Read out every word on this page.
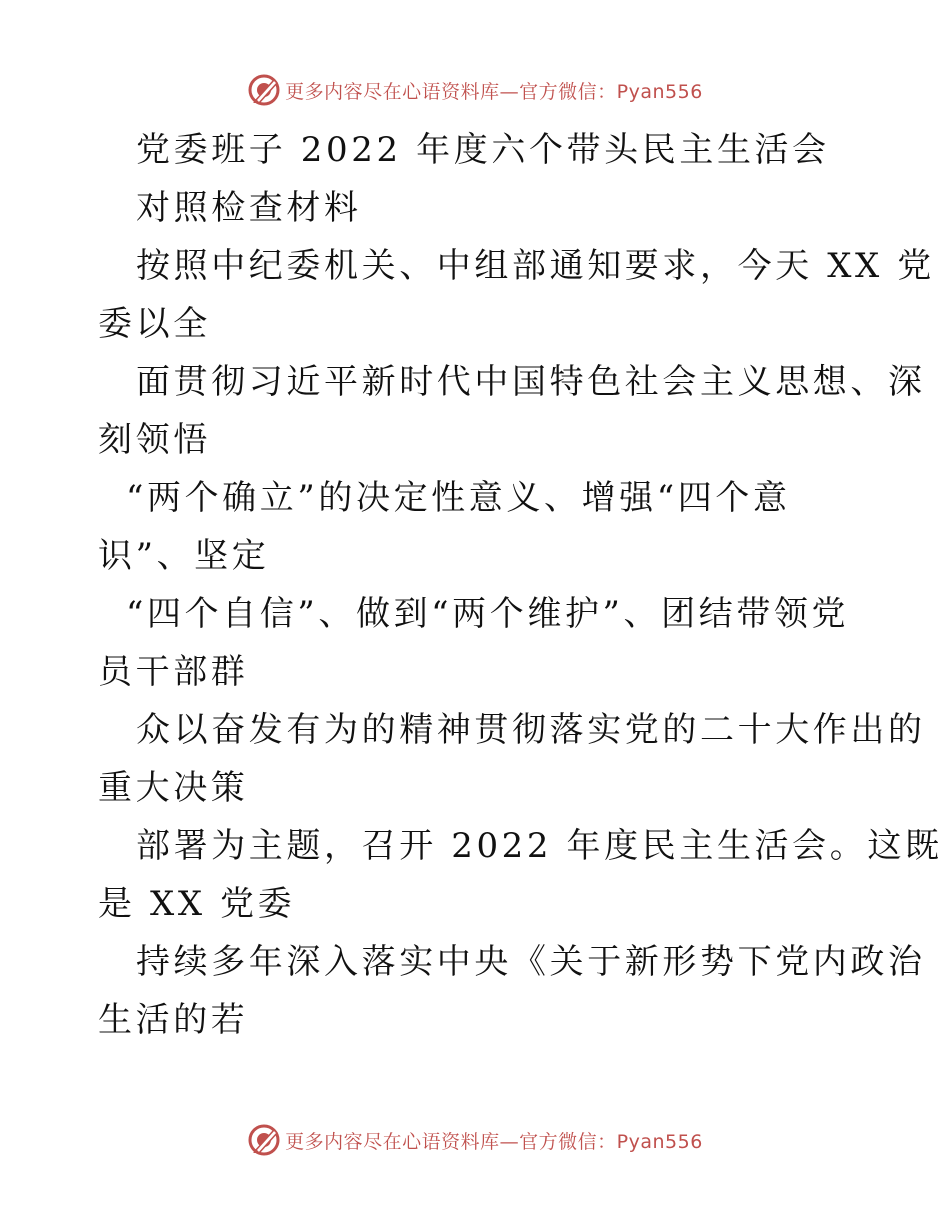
更多内容尽在心语资料库—官方微信：Pyan556
党委班子 2022 年度六个带头民主生活会
对照检查材料
按照中纪委机关、中组部通知要求，今天 XX 党
委以全
面贯彻习近平新时代中国特色社会主义思想、深
刻领悟
“两个确立”的决定性意义、增强“四个意
识”、坚定
“四个自信”、做到“两个维护”、团结带领党
员干部群
众以奋发有为的精神贯彻落实党的二十大作出的
重大决策
部署为主题，召开 2022 年度民主生活会。这既
是 XX 党委
持续多年深入落实中央《关于新形势下党内政治
生活的若
更多内容尽在心语资料库—官方微信：Pyan556
